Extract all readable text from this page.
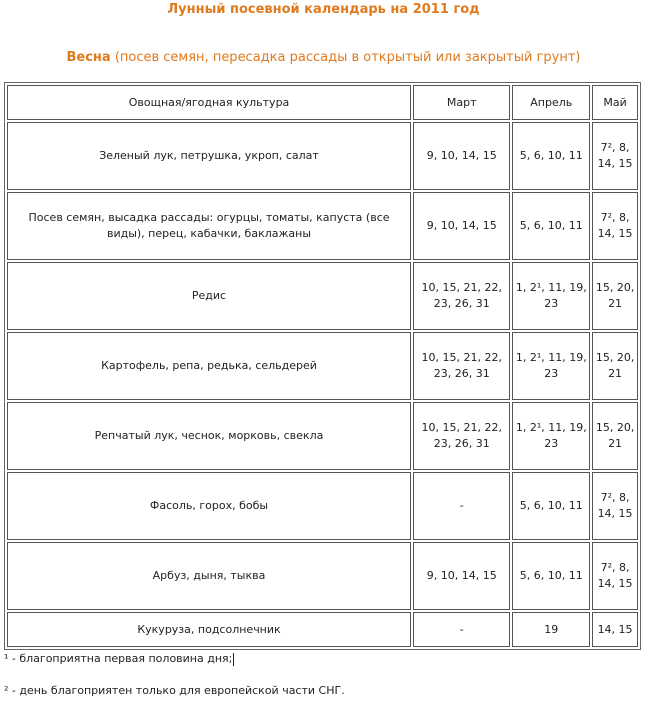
Лунный посевной календарь на 2011 год
Весна (посев семян, пересадка рассады в открытый или закрытый грунт)
Овощная/ягодная культура	Март	Апрель	Май
Зеленый лук, петрушка, укроп, салат	9, 10, 14, 15	5, 6, 10, 11	7², 8, 14, 15
Посев семян, высадка рассады: огурцы, томаты, капуста (все виды), перец, кабачки, баклажаны	9, 10, 14, 15	5, 6, 10, 11	7², 8, 14, 15
Редис	10, 15, 21, 22, 23, 26, 31	1, 2¹, 11, 19, 23	15, 20, 21
Картофель, репа, редька, сельдерей	10, 15, 21, 22, 23, 26, 31	1, 2¹, 11, 19, 23	15, 20, 21
Репчатый лук, чеснок, морковь, свекла	10, 15, 21, 22, 23, 26, 31	1, 2¹, 11, 19, 23	15, 20, 21
Фасоль, горох, бобы	-	5, 6, 10, 11	7², 8, 14, 15
Арбуз, дыня, тыква	9, 10, 14, 15	5, 6, 10, 11	7², 8, 14, 15
Кукуруза, подсолнечник	-	19	14, 15
¹ - благоприятна первая половина дня;
² - день благоприятен только для европейской части СНГ.
